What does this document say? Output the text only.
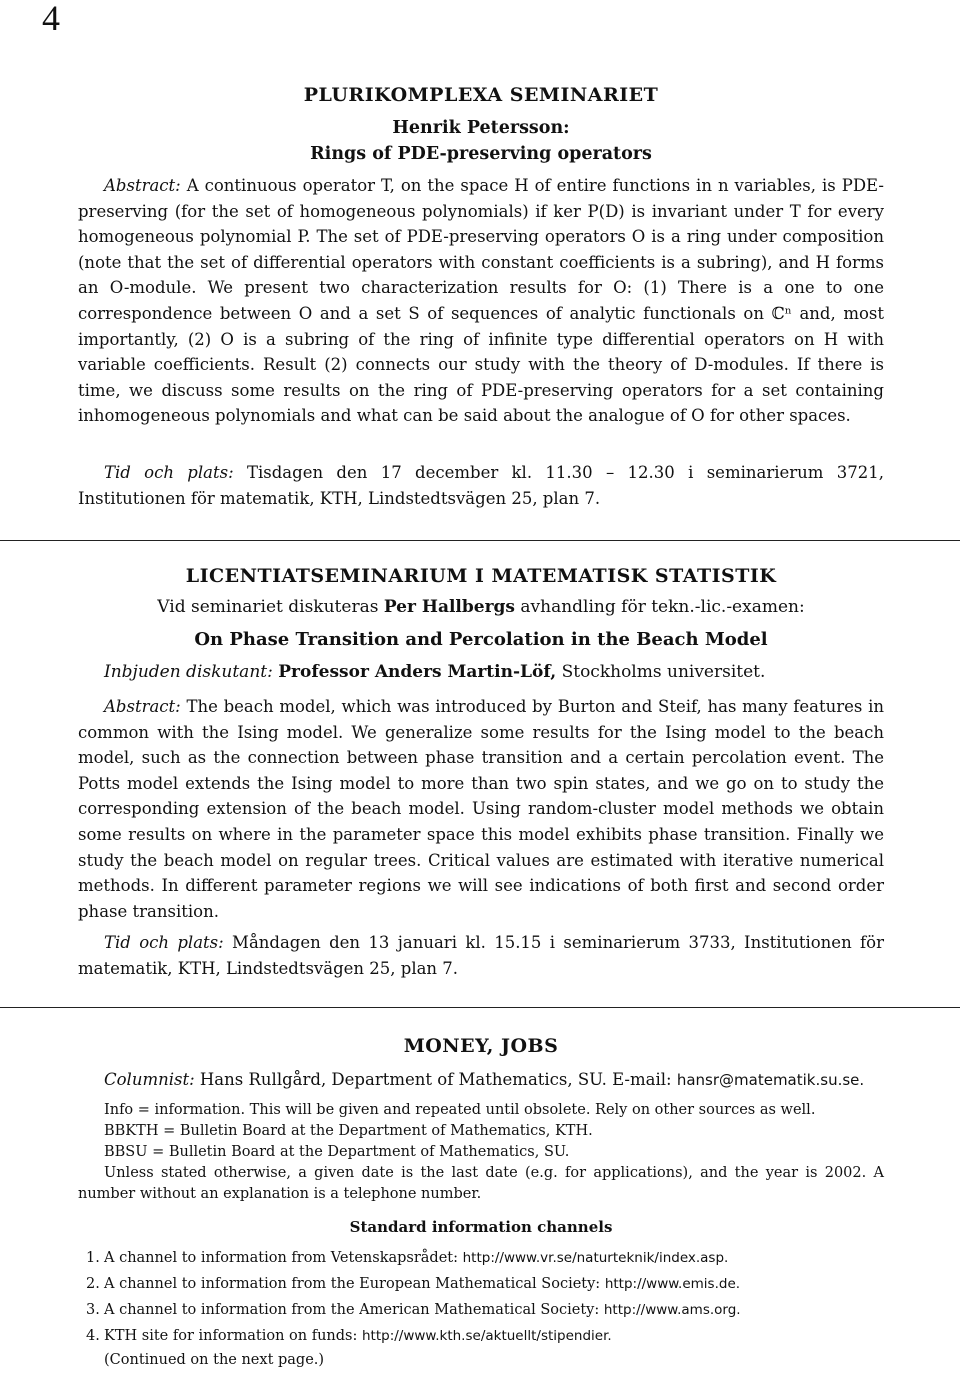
4
PLURIKOMPLEXA SEMINARIET
Henrik Petersson:
Rings of PDE-preserving operators

Abstract: A continuous operator T, on the space H of entire functions in n variables, is PDE-preserving (for the set of homogeneous polynomials) if ker P(D) is invariant under T for every homogeneous polynomial P. The set of PDE-preserving operators O is a ring under composition (note that the set of differential operators with constant coefficients is a subring), and H forms an O-module. We present two characterization results for O: (1) There is a one to one correspondence between O and a set S of sequences of analytic functionals on ℂⁿ and, most importantly, (2) O is a subring of the ring of infinite type differential operators on H with variable coefficients. Result (2) connects our study with the theory of D-modules. If there is time, we discuss some results on the ring of PDE-preserving operators for a set containing inhomogeneous polynomials and what can be said about the analogue of O for other spaces.

Tid och plats: Tisdagen den 17 december kl. 11.30 – 12.30 i seminarierum 3721, Institutionen för matematik, KTH, Lindstedtsvägen 25, plan 7.

LICENTIATSEMINARIUM I MATEMATISK STATISTIK
Vid seminariet diskuteras Per Hallbergs avhandling för tekn.-lic.-examen:
On Phase Transition and Percolation in the Beach Model
Inbjuden diskutant: Professor Anders Martin-Löf, Stockholms universitet.

Abstract: The beach model, which was introduced by Burton and Steif, has many features in common with the Ising model. We generalize some results for the Ising model to the beach model, such as the connection between phase transition and a certain percolation event. The Potts model extends the Ising model to more than two spin states, and we go on to study the corresponding extension of the beach model. Using random-cluster model methods we obtain some results on where in the parameter space this model exhibits phase transition. Finally we study the beach model on regular trees. Critical values are estimated with iterative numerical methods. In different parameter regions we will see indications of both first and second order phase transition.

Tid och plats: Måndagen den 13 januari kl. 15.15 i seminarierum 3733, Institutionen för matematik, KTH, Lindstedtsvägen 25, plan 7.

MONEY, JOBS
Columnist: Hans Rullgård, Department of Mathematics, SU. E-mail: hansr@matematik.su.se.

Info = information. This will be given and repeated until obsolete. Rely on other sources as well.

BBKTH = Bulletin Board at the Department of Mathematics, KTH.

BBSU = Bulletin Board at the Department of Mathematics, SU.

Unless stated otherwise, a given date is the last date (e.g. for applications), and the year is 2002. A number without an explanation is a telephone number.

Standard information channels
1. A channel to information from Vetenskapsrådet: http://www.vr.se/naturteknik/index.asp.
2. A channel to information from the European Mathematical Society: http://www.emis.de.
3. A channel to information from the American Mathematical Society: http://www.ams.org.
4. KTH site for information on funds: http://www.kth.se/aktuellt/stipendier.
(Continued on the next page.)
